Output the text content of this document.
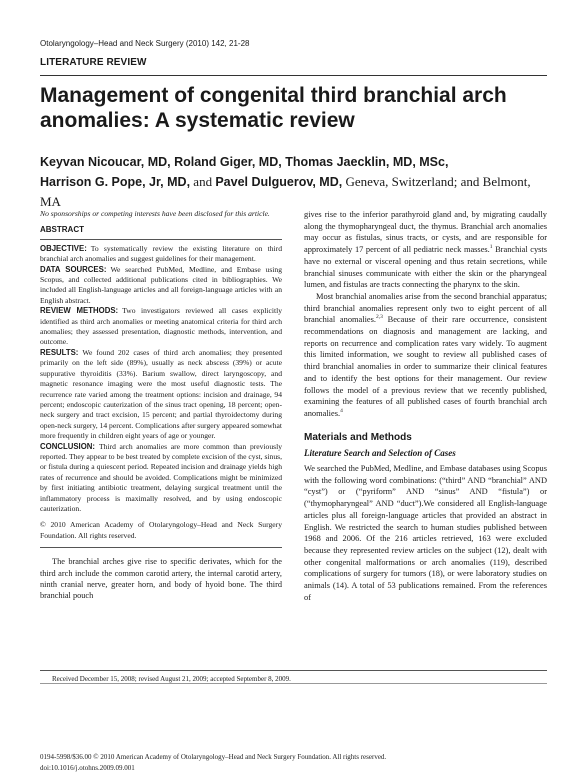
Otolaryngology–Head and Neck Surgery (2010) 142, 21-28
LITERATURE REVIEW
Management of congenital third branchial arch
anomalies: A systematic review
Keyvan Nicoucar, MD, Roland Giger, MD, Thomas Jaecklin, MD, MSc,
Harrison G. Pope, Jr, MD, and Pavel Dulguerov, MD, Geneva, Switzerland; and Belmont, MA

No sponsorships or competing interests have been disclosed for this article.

ABSTRACT

OBJECTIVE: To systematically review the existing literature on third branchial arch anomalies and suggest guidelines for their management.

DATA SOURCES: We searched PubMed, Medline, and Embase using Scopus, and collected additional publications cited in bibliographies. We included all English-language articles and all foreign-language articles with an English abstract.

REVIEW METHODS: Two investigators reviewed all cases explicitly identified as third arch anomalies or meeting anatomical criteria for third arch anomalies; they assessed presentation, diagnostic methods, intervention, and outcome.

RESULTS: We found 202 cases of third arch anomalies; they presented primarily on the left side (89%), usually as neck abscess (39%) or acute suppurative thyroiditis (33%). Barium swallow, direct laryngoscopy, and magnetic resonance imaging were the most useful diagnostic tests. The recurrence rate varied among the treatment options: incision and drainage, 94 percent; endoscopic cauterization of the sinus tract opening, 18 percent; open-neck surgery and tract excision, 15 percent; and partial thyroidectomy during open-neck surgery, 14 percent. Complications after surgery appeared somewhat more frequently in children eight years of age or younger.

CONCLUSION: Third arch anomalies are more common than previously reported. They appear to be best treated by complete excision of the cyst, sinus, or fistula during a quiescent period. Repeated incision and drainage yields high rates of recurrence and should be avoided. Complications might be minimized by first initiating antibiotic treatment, delaying surgical treatment until the inflammatory process is maximally resolved, and by using endoscopic cauterization.

© 2010 American Academy of Otolaryngology–Head and Neck Surgery Foundation. All rights reserved.

The branchial arches give rise to specific derivates, which for the third arch include the common carotid artery, the internal carotid artery, ninth cranial nerve, greater horn, and body of hyoid bone. The third branchial pouch

gives rise to the inferior parathyroid gland and, by migrating caudally along the thymopharyngeal duct, the thymus. Branchial arch anomalies may occur as fistulas, sinus tracts, or cysts, and are responsible for approximately 17 percent of all pediatric neck masses.$^1$ Branchial cysts have no external or visceral opening and thus retain secretions, while branchial sinuses communicate with either the skin or the pharyngeal lumen, and fistulas are tracts connecting the pharynx to the skin.

Most branchial anomalies arise from the second branchial apparatus; third branchial anomalies represent only two to eight percent of all branchial anomalies.$^{2,3}$ Because of their rare occurrence, consistent recommendations on diagnosis and management are lacking, and reports on recurrence and complication rates vary widely. To augment this limited information, we sought to review all published cases of third branchial anomalies in order to summarize their clinical features and to identify the best options for their management. Our review follows the model of a previous review that we recently published, examining the features of all published cases of fourth branchial arch anomalies.$^4$

Materials and Methods
Literature Search and Selection of Cases

We searched the PubMed, Medline, and Embase databases using Scopus with the following word combinations: (“third” AND “branchial” AND “cyst”) or (“pyriform” AND “sinus” AND “fistula”) or (“thymopharyngeal” AND “duct”).We considered all English-language articles plus all foreign-language articles that provided an abstract in English. We restricted the search to human studies published between 1968 and 2006. Of the 216 articles retrieved, 163 were excluded because they represented review articles on the subject (12), dealt with other congenital malformations or arch anomalies (119), described complications of surgery for tumors (18), or were laboratory studies on animals (14). A total of 53 publications remained. From the references of

Received December 15, 2008; revised August 21, 2009; accepted September 8, 2009.
0194-5998/$36.00 © 2010 American Academy of Otolaryngology–Head and Neck Surgery Foundation. All rights reserved.
doi:10.1016/j.otohns.2009.09.001
